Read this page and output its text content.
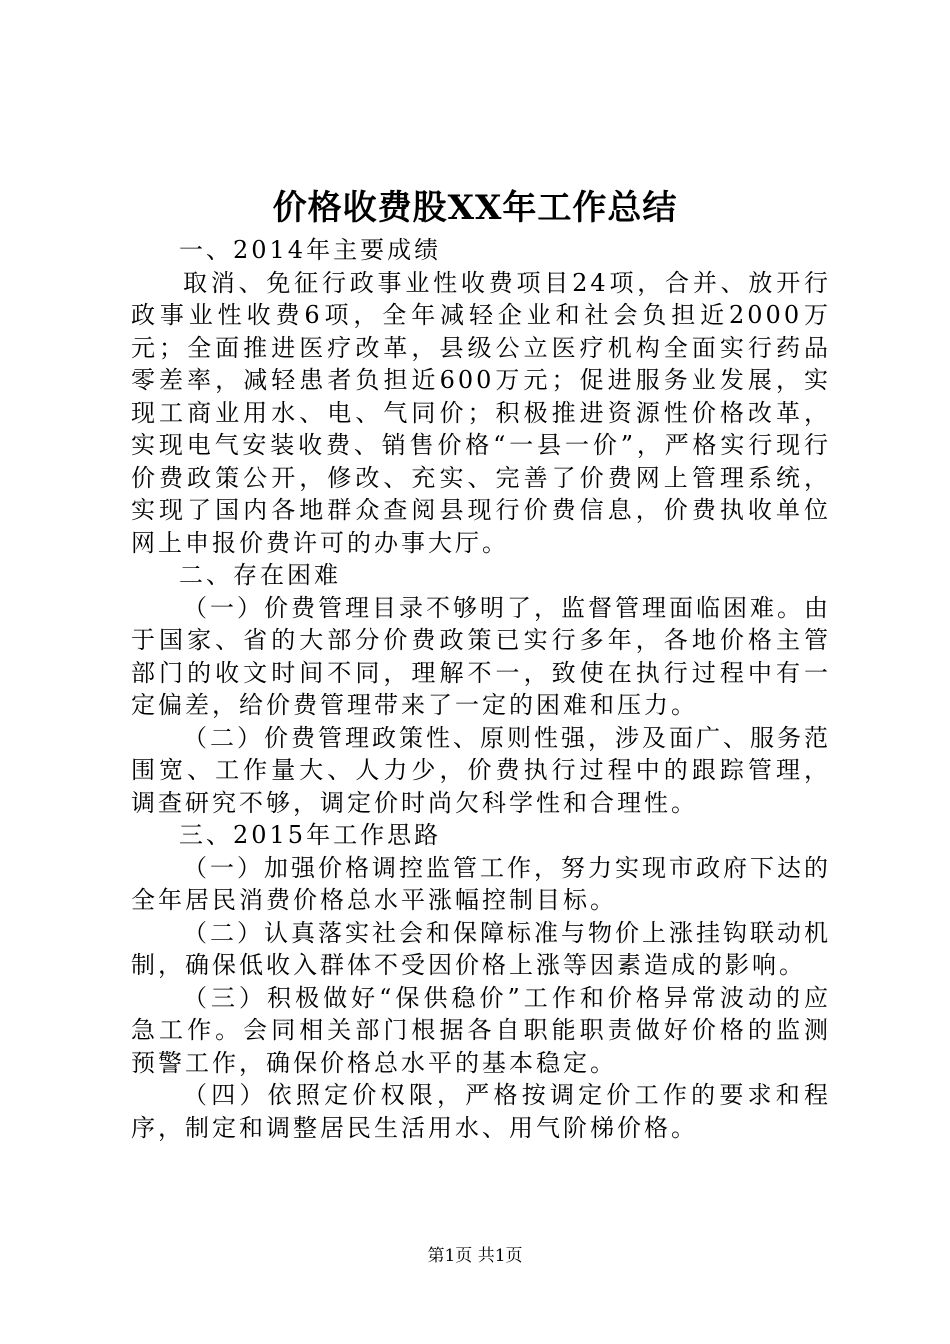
价格收费股XX年工作总结

一、2014年主要成绩

取消、免征行政事业性收费项目24项，合并、放开行政事业性收费6项，全年减轻企业和社会负担近2000万元；全面推进医疗改革，县级公立医疗机构全面实行药品零差率，减轻患者负担近600万元；促进服务业发展，实现工商业用水、电、气同价；积极推进资源性价格改革，实现电气安装收费、销售价格“一县一价”，严格实行现行价费政策公开，修改、充实、完善了价费网上管理系统，实现了国内各地群众查阅县现行价费信息，价费执收单位网上申报价费许可的办事大厅。

二、存在困难

（一）价费管理目录不够明了，监督管理面临困难。由于国家、省的大部分价费政策已实行多年，各地价格主管部门的收文时间不同，理解不一，致使在执行过程中有一定偏差，给价费管理带来了一定的困难和压力。

（二）价费管理政策性、原则性强，涉及面广、服务范围宽、工作量大、人力少，价费执行过程中的跟踪管理，调查研究不够，调定价时尚欠科学性和合理性。

三、2015年工作思路

（一）加强价格调控监管工作，努力实现市政府下达的全年居民消费价格总水平涨幅控制目标。

（二）认真落实社会和保障标准与物价上涨挂钩联动机制，确保低收入群体不受因价格上涨等因素造成的影响。

（三）积极做好“保供稳价”工作和价格异常波动的应急工作。会同相关部门根据各自职能职责做好价格的监测预警工作，确保价格总水平的基本稳定。

（四）依照定价权限，严格按调定价工作的要求和程序，制定和调整居民生活用水、用气阶梯价格。

第1页 共1页
